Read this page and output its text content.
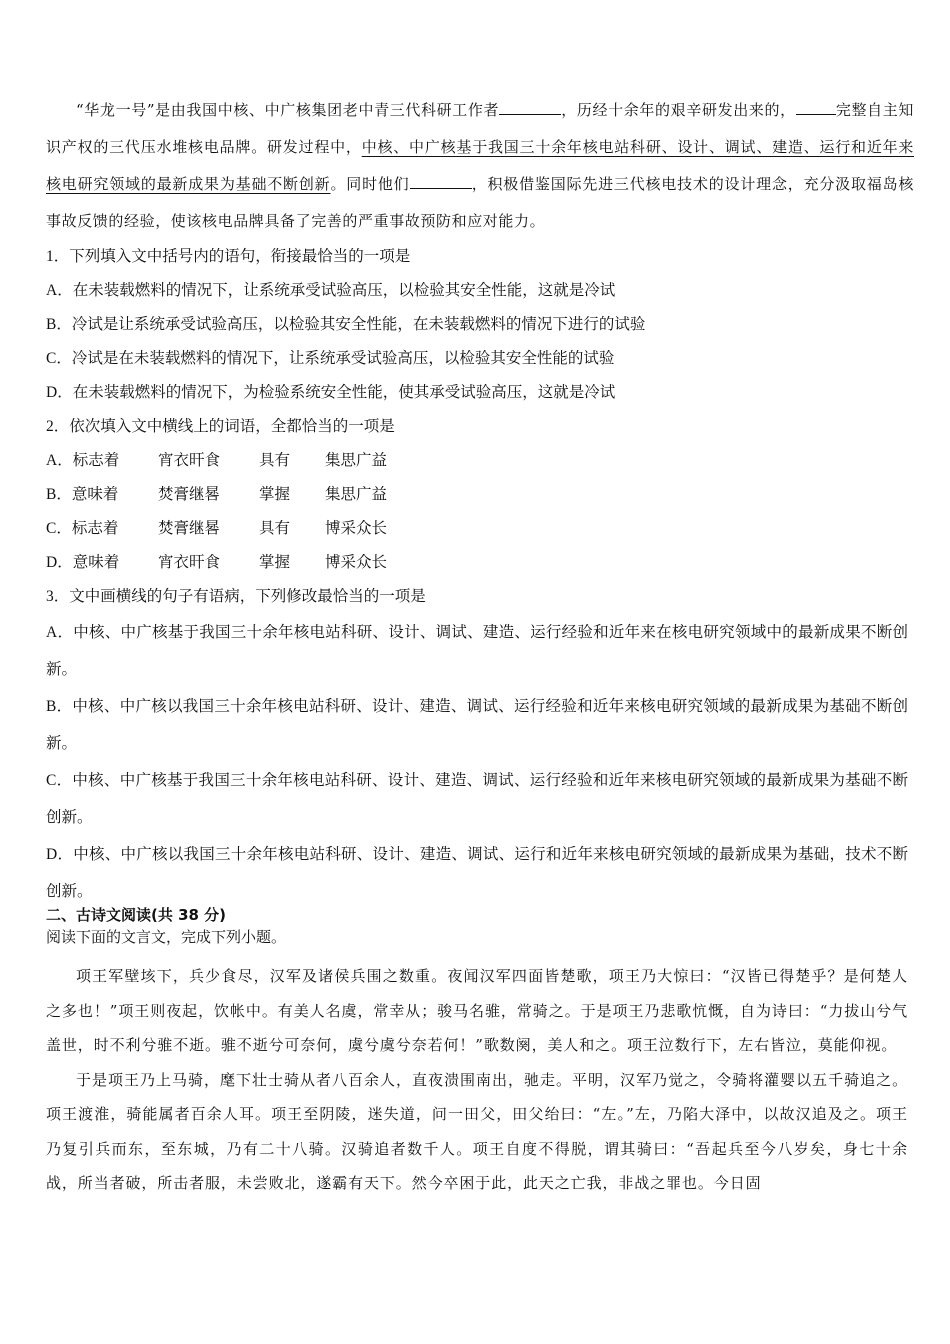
“华龙一号”是由我国中核、中广核集团老中青三代科研工作者	，历经十余年的艰辛研发出来的，	完整自主知识产权的三代压水堆核电品牌。研发过程中，中核、中广核基于我国三十余年核电站科研、设计、调试、建造、运行和近年来核电研究领域的最新成果为基础不断创新。同时他们	，积极借鉴国际先进三代核电技术的设计理念，充分汲取福岛核事故反馈的经验，使该核电品牌具备了完善的严重事故预防和应对能力。

1．下列填入文中括号内的语句，衔接最恰当的一项是

A．在未装载燃料的情况下，让系统承受试验高压，以检验其安全性能，这就是冷试

B．冷试是让系统承受试验高压，以检验其安全性能，在未装载燃料的情况下进行的试验

C．冷试是在未装载燃料的情况下，让系统承受试验高压，以检验其安全性能的试验

D．在未装载燃料的情况下，为检验系统安全性能，使其承受试验高压，这就是冷试

2．依次填入文中横线上的词语，全都恰当的一项是

A．标志着	宵衣旰食	具有	集思广益
B．意味着	焚膏继晷	掌握	集思广益
C．标志着	焚膏继晷	具有	博采众长
D．意味着	宵衣旰食	掌握	博采众长

3．文中画横线的句子有语病，下列修改最恰当的一项是

A．中核、中广核基于我国三十余年核电站科研、设计、调试、建造、运行经验和近年来在核电研究领域中的最新成果不断创新。

B．中核、中广核以我国三十余年核电站科研、设计、建造、调试、运行经验和近年来核电研究领域的最新成果为基础不断创新。

C．中核、中广核基于我国三十余年核电站科研、设计、建造、调试、运行经验和近年来核电研究领域的最新成果为基础不断创新。

D．中核、中广核以我国三十余年核电站科研、设计、建造、调试、运行和近年来核电研究领域的最新成果为基础，技术不断创新。

二、古诗文阅读(共 38 分)
阅读下面的文言文，完成下列小题。

项王军壁垓下，兵少食尽，汉军及诸侯兵围之数重。夜闻汉军四面皆楚歌，项王乃大惊曰：“汉皆已得楚乎？是何楚人之多也！”项王则夜起，饮帐中。有美人名虞，常幸从；骏马名骓，常骑之。于是项王乃悲歌忼慨，自为诗曰：“力拔山兮气盖世，时不利兮骓不逝。骓不逝兮可奈何，虞兮虞兮奈若何！”歌数阕，美人和之。项王泣数行下，左右皆泣，莫能仰视。

于是项王乃上马骑，麾下壮士骑从者八百余人，直夜溃围南出，驰走。平明，汉军乃觉之，令骑将灌婴以五千骑追之。项王渡淮，骑能属者百余人耳。项王至阴陵，迷失道，问一田父，田父绐曰：“左。”左，乃陷大泽中，以故汉追及之。项王乃复引兵而东，至东城，乃有二十八骑。汉骑追者数千人。项王自度不得脱，谓其骑曰：“吾起兵至今八岁矣，身七十余战，所当者破，所击者服，未尝败北，遂霸有天下。然今卒困于此，此天之亡我，非战之罪也。今日固
